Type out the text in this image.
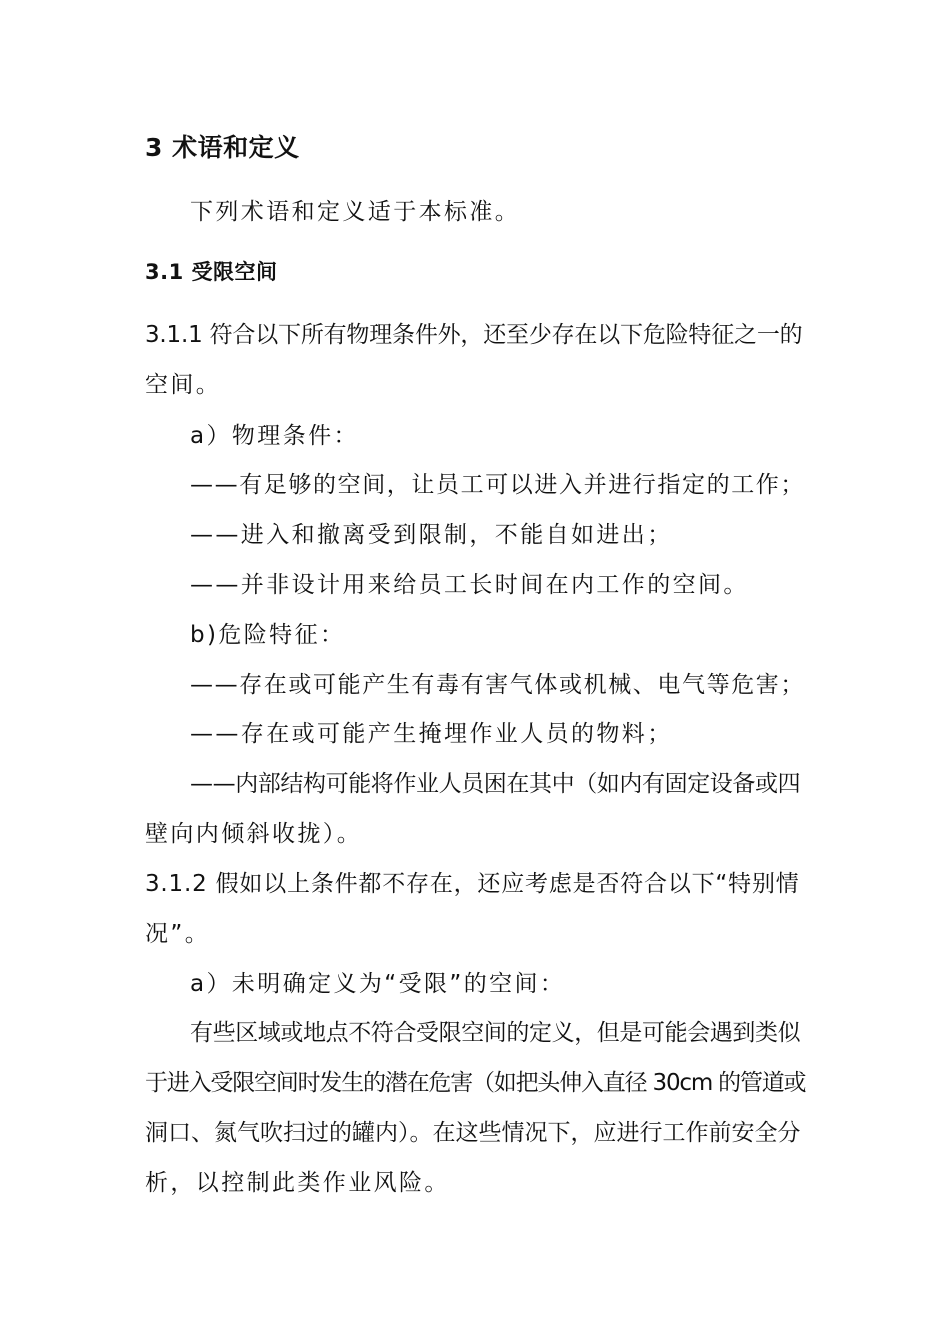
3 术语和定义
下列术语和定义适于本标准。
3.1 受限空间
3.1.1 符合以下所有物理条件外，还至少存在以下危险特征之一的
空间。
a）物理条件：
——有足够的空间，让员工可以进入并进行指定的工作；
——进入和撤离受到限制，不能自如进出；
——并非设计用来给员工长时间在内工作的空间。
b)危险特征：
——存在或可能产生有毒有害气体或机械、电气等危害；
——存在或可能产生掩埋作业人员的物料；
——内部结构可能将作业人员困在其中（如内有固定设备或四
壁向内倾斜收拢）。
3.1.2 假如以上条件都不存在，还应考虑是否符合以下“特别情
况”。
a）未明确定义为“受限”的空间：
有些区域或地点不符合受限空间的定义，但是可能会遇到类似
于进入受限空间时发生的潜在危害（如把头伸入直径 30cm 的管道或
洞口、氮气吹扫过的罐内）。在这些情况下，应进行工作前安全分
析，以控制此类作业风险。
